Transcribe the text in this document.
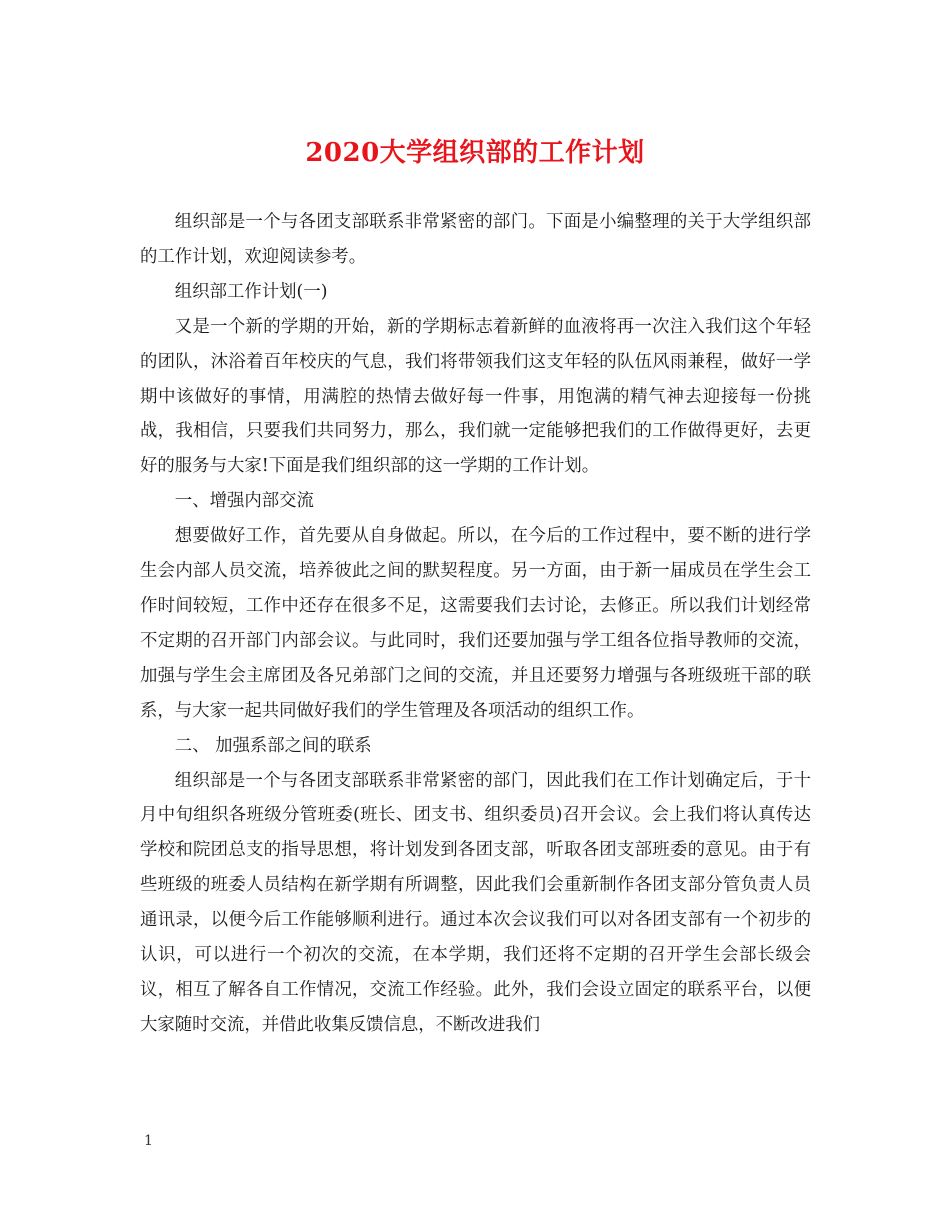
2020大学组织部的工作计划

组织部是一个与各团支部联系非常紧密的部门。下面是小编整理的关于大学组织部的工作计划，欢迎阅读参考。

组织部工作计划(一)

又是一个新的学期的开始，新的学期标志着新鲜的血液将再一次注入我们这个年轻的团队，沐浴着百年校庆的气息，我们将带领我们这支年轻的队伍风雨兼程，做好一学期中该做好的事情，用满腔的热情去做好每一件事，用饱满的精气神去迎接每一份挑战，我相信，只要我们共同努力，那么，我们就一定能够把我们的工作做得更好，去更好的服务与大家!下面是我们组织部的这一学期的工作计划。

一、增强内部交流

想要做好工作，首先要从自身做起。所以，在今后的工作过程中，要不断的进行学生会内部人员交流，培养彼此之间的默契程度。另一方面，由于新一届成员在学生会工作时间较短，工作中还存在很多不足，这需要我们去讨论，去修正。所以我们计划经常不定期的召开部门内部会议。与此同时，我们还要加强与学工组各位指导教师的交流，加强与学生会主席团及各兄弟部门之间的交流，并且还要努力增强与各班级班干部的联系，与大家一起共同做好我们的学生管理及各项活动的组织工作。

二、 加强系部之间的联系

组织部是一个与各团支部联系非常紧密的部门，因此我们在工作计划确定后，于十月中旬组织各班级分管班委(班长、团支书、组织委员)召开会议。会上我们将认真传达学校和院团总支的指导思想，将计划发到各团支部，听取各团支部班委的意见。由于有些班级的班委人员结构在新学期有所调整，因此我们会重新制作各团支部分管负责人员通讯录，以便今后工作能够顺利进行。通过本次会议我们可以对各团支部有一个初步的认识，可以进行一个初次的交流，在本学期，我们还将不定期的召开学生会部长级会议，相互了解各自工作情况，交流工作经验。此外，我们会设立固定的联系平台，以便大家随时交流，并借此收集反馈信息，不断改进我们

1
